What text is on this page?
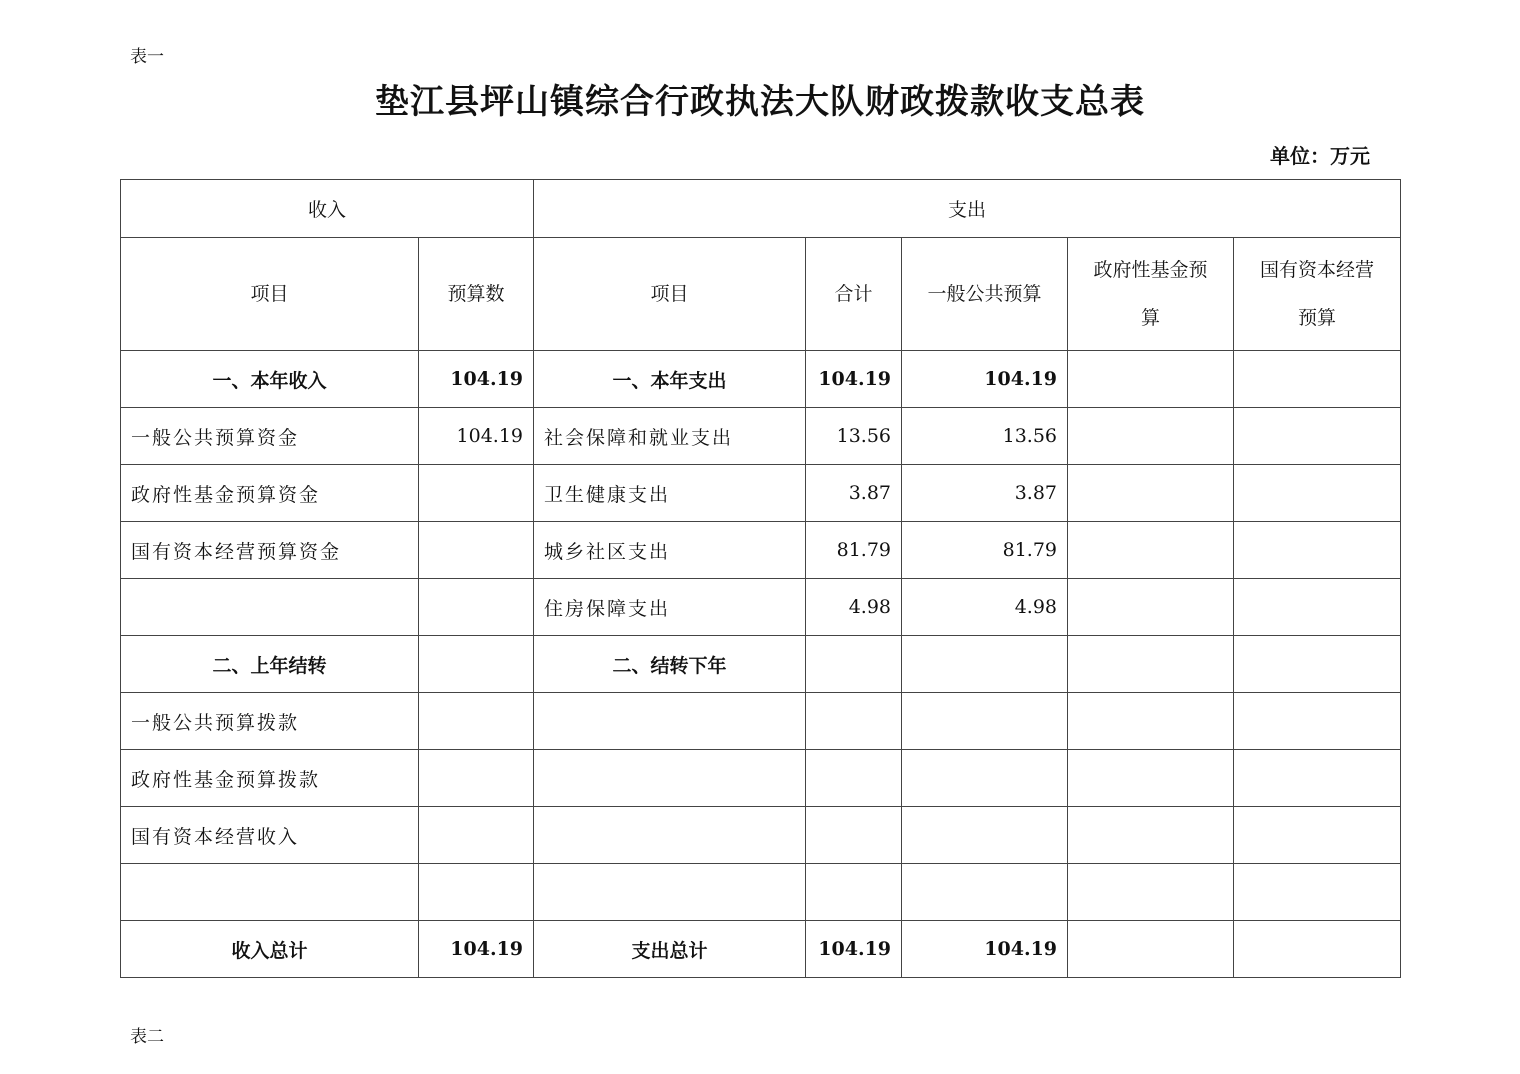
表一
垫江县坪山镇综合行政执法大队财政拨款收支总表
单位：万元
收入		支出				
项目	预算数	项目	合计	一般公共预算	政府性基金预算	国有资本经营预算
一、本年收入	104.19	一、本年支出	104.19	104.19		
一般公共预算资金	104.19	社会保障和就业支出	13.56	13.56		
政府性基金预算资金		卫生健康支出	3.87	3.87		
国有资本经营预算资金		城乡社区支出	81.79	81.79		
		住房保障支出	4.98	4.98		
二、上年结转		二、结转下年				
一般公共预算拨款						
政府性基金预算拨款						
国有资本经营收入						

收入总计	104.19	支出总计	104.19	104.19		
表二
